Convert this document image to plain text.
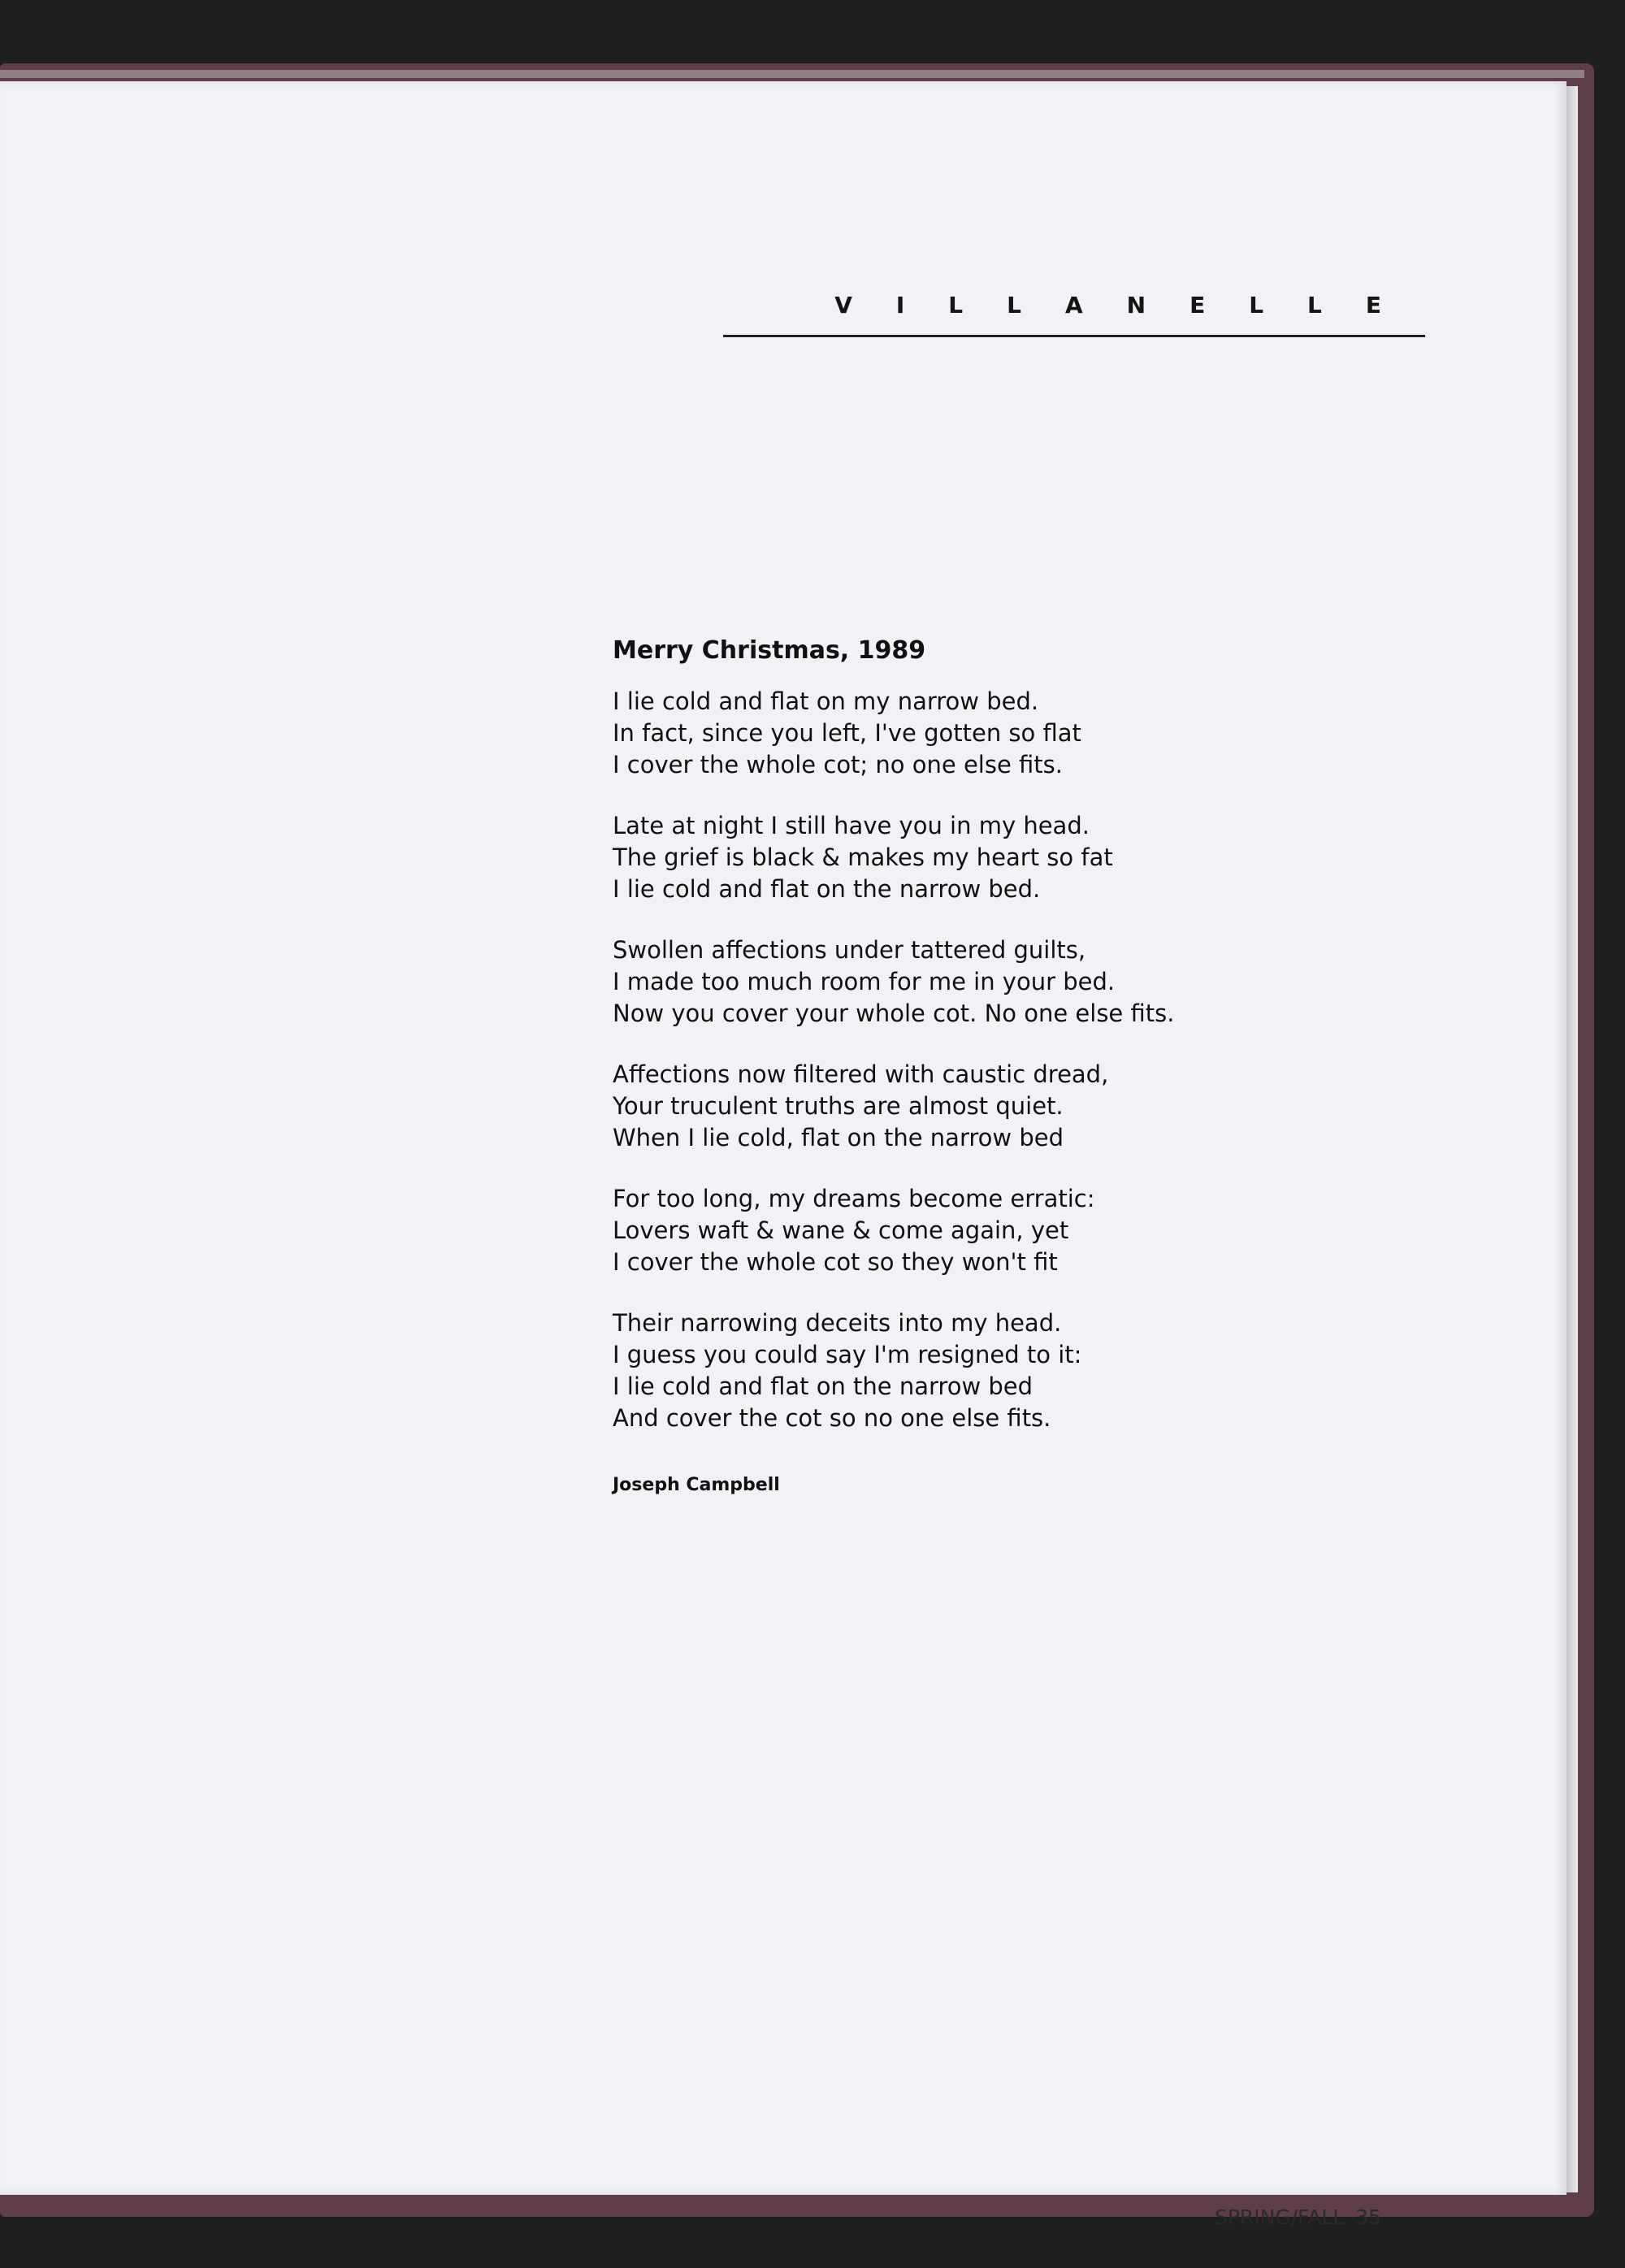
VILLANELLE
Merry Christmas, 1989
I lie cold and flat on my narrow bed.
In fact, since you left, I've gotten so flat
I cover the whole cot; no one else fits.
Late at night I still have you in my head.
The grief is black & makes my heart so fat
I lie cold and flat on the narrow bed.
Swollen affections under tattered guilts,
I made too much room for me in your bed.
Now you cover your whole cot. No one else fits.
Affections now filtered with caustic dread,
Your truculent truths are almost quiet.
When I lie cold, flat on the narrow bed
For too long, my dreams become erratic:
Lovers waft & wane & come again, yet
I cover the whole cot so they won't fit
Their narrowing deceits into my head.
I guess you could say I'm resigned to it:
I lie cold and flat on the narrow bed
And cover the cot so no one else fits.
Joseph Campbell
SPRING/FALL 35
